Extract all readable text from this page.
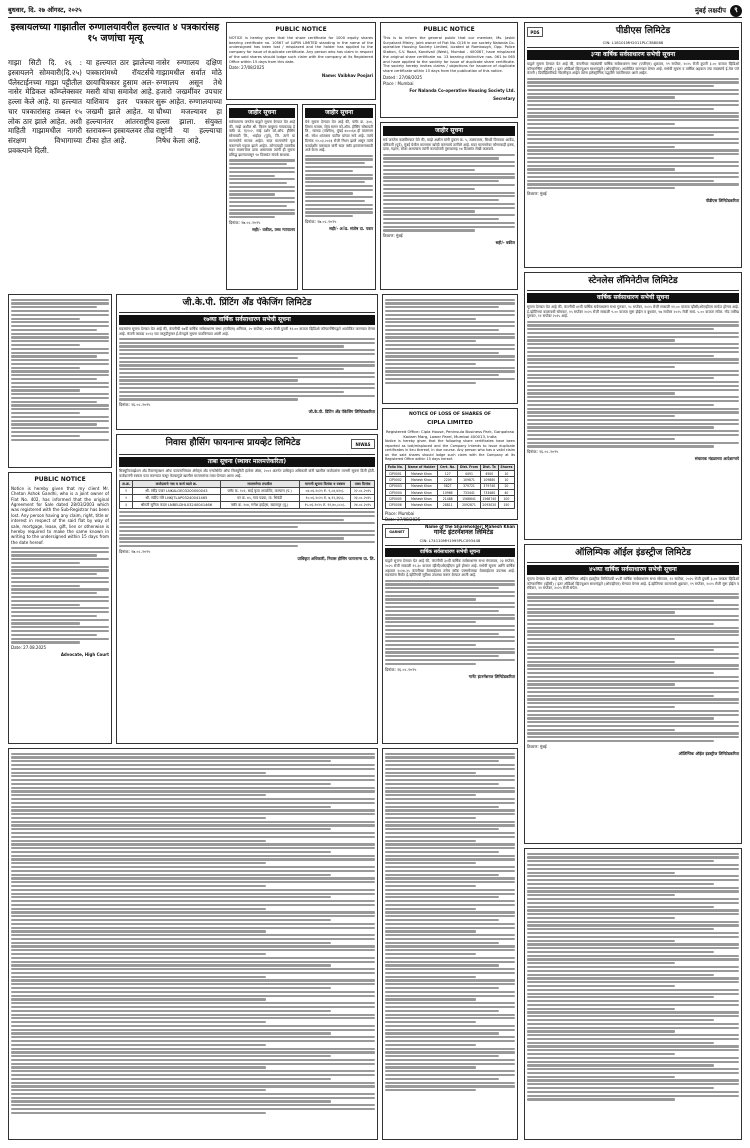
बुधवार, दि. २७ ऑगस्ट, २०२५	मुंबई लक्षदीप ९
इस्त्रायलच्या गाझातील रुग्णालयावरील हल्ल्यात ४ पत्रकारांसह १५ जणांचा मृत्यू

गाझा सिटी दि. २६ : इस्त्रायलने सोमवारी(दि.२५) पॅलेस्टाईनच्या गाझा पट्टीतील नासेर मेडिकल कॉम्प्लेक्सवर हल्ला केले आहे. या हल्ल्यात चार पत्रकारांसह तब्बल १५ लोक ठार झाले आहेत. अशी माहिती गाझामधील नागरी संरक्षण विभागाच्या प्रवक्त्याने दिली.

या हल्ल्यात ठार झालेल्या पत्रकारांमध्ये रॉयटर्सचे छायाचित्रकार हुसाम अल-मसरी यांचा समावेश आहे. याशिवाय इतर पत्रकार जखमी झाले आहेत. या हल्ल्यानंतर आंतरराष्ट्रीय स्तरावरून इस्त्रायलवर तीव्र टीका होत आहे.

नासेर रुग्णालय दक्षिण गाझामधील सर्वात मोठे रुग्णालय असून तेथे हजारो जखमींवर उपचार सुरू आहेत. रुग्णालयाच्या चौथ्या मजल्यावर हा हल्ला झाला. संयुक्त राष्ट्रांनी या हल्ल्याचा निषेध केला आहे.

PUBLIC NOTICE

NOTICE is hereby given that the share certificate for 1000 equity shares bearing certificate no. 10567 of LUPIN LIMITED standing in the name of the undersigned has been lost / misplaced and the holder has applied to the company for issue of duplicate certificate. Any person who has claim in respect of the said shares should lodge such claim with the company at its Registered Office within 15 days from this date.

Date: 27/08/2025
Name: Vaibhav Poojari
जाहीर सूचना

सर्वसामान्य जनतेस याद्वारे सूचना देण्यात येत आहे की, माझे अशील श्री. किरण बाबुराव गायकवाड हे फ्लॅट क्र. ए/१०२, साई दर्शन को-ऑप. हौसिंग सोसायटी लि., भाईंदर (पूर्व), जि. ठाणे या मालमत्तेचे मालक आहेत. सदर मालमत्तेचे मूळ करारनामे गहाळ झाले आहेत. कोणत्याही व्यक्तीस सदर मालमत्तेवर दावा असल्यास त्यांनी ही सूचना प्रसिद्ध झाल्यापासून १४ दिवसांत संपर्क साधावा.

दिनांक: २७.०८.२०२५
सही/- वकील, उच्च न्यायालय
जाहीर सूचना

येथे सूचना देण्यात येत आहे की, फ्लॅट क्र. ३०४, तिसरा मजला, शिव सागर को-ऑप. हौसिंग सोसायटी लि., मालाड (पश्चिम), मुंबई ४०००६४ ही मालमत्ता श्री. रमेश शांताराम पाटील यांच्या नावे आहे. त्यांचे दिनांक १२.०३.२०२३ रोजी निधन झाले असून त्यांचे कायदेशीर वारसदार यांनी सदर फ्लॅट हस्तांतरणासाठी अर्ज केला आहे.

दिनांक: २७.०८.२०२५
सही/- अॅड. संतोष दा. पवार
PUBLIC NOTICE

This is to inform the general public that our member, Ms. Jasbir Suryakant Mistry, joint owner of Flat No. G/16 in our society Nalanda Co-operative Housing Society Limited, located at Rambaugh, Opp. Police Station, S.V. Road, Kandivali (West), Mumbai - 400067, have misplaced the original share certificate no. 13 bearing distinctive nos. 061 to 065 and have applied to the society for issue of duplicate share certificate. The society hereby invites claims / objections for issuance of duplicate share certificate within 15 days from the publication of this notice.

Dated : 27/08/2025
Place : Mumbai
For Nalanda Co-operative Housing Society Ltd.
Secretary
जाहीर सूचना

सर्व जनतेस कळविण्यात येते की, माझे अशील यांनी दुकान क्र. ५, तळमजला, सिध्दी विनायक आर्केड, बोरिवली (पूर्व), मुंबई येथील मालमत्ता खरेदी करण्याचे ठरविले आहे. सदर मालमत्तेवर कोणाचाही हक्क, दावा, गहाण, बोजा असल्यास त्यांनी कागदोपत्री पुराव्यासह १४ दिवसांत लेखी कळवावे.

ठिकाण: मुंबई
सही/- वकील
PDS	पीडीएस लिमिटेड
CIN: L18101MH2011PLC388088
३ऱ्या वार्षिक सर्वसाधारण सभेची सूचना

याद्वारे सूचना देण्यात येत आहे की, कंपनीच्या सदस्यांची वार्षिक सर्वसाधारण सभा (एजीएम) शुक्रवार, १९ सप्टेंबर, २०२५ रोजी दुपारी ३.०० वाजता व्हिडिओ कॉन्फरन्सिंग (व्हीसी) / इतर ऑडिओ व्हिज्युअल साधनांद्वारे (ओएव्हीएम) आयोजित करण्यात येणार आहे. सभेची सूचना व वार्षिक अहवाल ज्या सदस्यांचे ई-मेल पत्ते कंपनी / डिपॉझिटरीकडे नोंदणीकृत आहेत त्यांना इलेक्ट्रॉनिक पद्धतीने पाठविण्यात आले आहेत.

ठिकाण: मुंबई
पीडीएस लिमिटेडकरिता
स्टेनलेस लॅमिनेटीज लिमिटेड
वार्षिक सर्वसाधारण सभेची सूचना

सूचना देण्यात येत आहे की, कंपनीची ४१वी वार्षिक सर्वसाधारण सभा गुरुवार, १८ सप्टेंबर, २०२५ रोजी सकाळी ११.०० वाजता व्हीसी/ओएव्हीएम मार्फत होणार आहे. ई-व्होटिंगचा कालावधी सोमवार, १५ सप्टेंबर २०२५ रोजी सकाळी ९.०० वाजता सुरू होईल व बुधवार, १७ सप्टेंबर २०२५ रोजी सायं. ५.०० वाजता संपेल. नोंद तारीख गुरुवार, ११ सप्टेंबर २०२५ आहे.

दिनांक: २६.०८.२०२५
संचालक मंडळाच्या आदेशान्वये
जी.के.पी. प्रिंटिंग अँड पॅकेजिंग लिमिटेड
१७व्या वार्षिक सर्वसाधारण सभेची सूचना

सदस्यांना सूचना देण्यात येत आहे की, कंपनीची १७वी वार्षिक सर्वसाधारण सभा (एजीएम) शनिवार, २० सप्टेंबर, २०२५ रोजी दुपारी १२.०० वाजता व्हिडिओ कॉन्फरन्सिंगद्वारे आयोजित करण्यात येणार आहे. कंपनी कायदा २०१३ च्या तरतुदीनुसार ई-मेलद्वारे सूचना पाठविण्यात आली आहे.

दिनांक: २६.०८.२०२५
जी.के.पी. प्रिंटिंग अँड पॅकेजिंग लिमिटेडकरिता
NOTICE OF LOSS OF SHARES OF
CIPLA LIMITED
Registered Office: Cipla House, Peninsula Business Park, Ganpatrao Kadam Marg, Lower Parel, Mumbai 400013, India

Notice is hereby given that the following share certificates have been reported as lost/misplaced and the Company intends to issue duplicate certificates in lieu thereof, in due course. Any person who has a valid claim on the said shares should lodge such claim with the Company at its Registered Office within 15 days hereof.

Folio No.	Name of Holder	Cert. No.	Dist. From	Dist. To	Shares
CIP0001	Mahesh Khan	127	4491	4500	10
CIP0002	Mahesh Khan	2209	109871	109880	10
CIP0003	Mahesh Khan	5827	379721	379740	20
CIP0004	Mahesh Khan	10966	733441	733480	40
CIP0005	Mahesh Khan	21488	1568641	1568740	100
CIP0006	Mahesh Khan	28811	2092871	2093020	150
Place: Mumbai
Date: 27/08/2025
Name of the Shareholder: Mahesh Khan
निवास हौसिंग फायनान्स प्रायव्हेट लिमिटेड	NIWAS
ताबा सूचना (स्थावर मालमत्तेकरिता)

सिक्युरिटायझेशन अँड रिकन्स्ट्रक्शन ऑफ फायनान्शियल ॲसेट्स अँड एन्फोर्समेंट ऑफ सिक्युरिटी इंटरेस्ट ॲक्ट, २००२ अंतर्गत प्राधिकृत अधिकारी यांनी खालील कर्जदारांना मागणी सूचना दिली होती. कर्जदारांनी रक्कम परत करण्यात कसूर केल्यामुळे खालील मालमत्तांचा ताबा घेण्यात आला आहे.

अ.क्र.	कर्जदाराचे नाव व कर्ज खाते क्र.	मालमत्तेचा तपशील	मागणी सूचना दिनांक व रक्कम	ताबा दिनांक
१	श्री. रवींद्र पवार LNKALOE03200000043	फ्लॅट क्र. १०२, साई कृपा अपार्टमेंट, कल्याण (प.)	०४.०६.२०२५ रु. ९,८४,४२०/-	२२.०८.२०२५
२	श्री. संदीप मोरे LNKJTLAP03240041465	घर क्र. ४५, गाव पडघा, ता. भिवंडी	१०.०६.२०२५ रु. ७,१२,३६५/-	२३.०८.२०२५
३	श्रीमती सुनिता कदम LNBELDHL03240041466	फ्लॅट क्र. २०४, गणेश हाईट्स, बदलापूर (पू.)	१५.०६.२०२५ रु. ११,४०,८८०/-	२४.०८.२०२५
दिनांक: २७.०८.२०२५
प्राधिकृत अधिकारी, निवास हौसिंग फायनान्स प्रा. लि.
PUBLIC NOTICE

Notice is hereby given that my client Mr. Chetan Ashok Gandhi, who is a joint owner of Flat No. 402, has informed that the original Agreement for Sale dated 28/03/2003 which was registered with the Sub-Registrar has been lost. Any person having any claim, right, title or interest in respect of the said flat by way of sale, mortgage, lease, gift, lien or otherwise is hereby required to make the same known in writing to the undersigned within 15 days from the date hereof.

Date: 27.08.2025
Advocate, High Court
GARNET	गार्नेट इंटरनॅशनल लिमिटेड
CIN: L74110MH1995PLC093448
वार्षिक सर्वसाधारण सभेची सूचना

याद्वारे सूचना देण्यात येत आहे की, कंपनीची ३०वी वार्षिक सर्वसाधारण सभा मंगळवार, २३ सप्टेंबर, २०२५ रोजी सकाळी ११.३० वाजता व्हीसी/ओएव्हीएम द्वारे होणार आहे. सभेची सूचना आणि वार्षिक अहवाल २०२४-२५ कंपनीच्या वेबसाईटवर तसेच स्टॉक एक्सचेंजच्या वेबसाईटवर उपलब्ध आहे. सदस्यांना रिमोट ई-व्होटिंगची सुविधा उपलब्ध करून देण्यात आली आहे.

दिनांक: २६.०८.२०२५
गार्नेट इंटरनॅशनल लिमिटेडकरिता
ऑलिम्पिक ऑईल इंडस्ट्रीज लिमिटेड
४५व्या वार्षिक सर्वसाधारण सभेची सूचना

सूचना देण्यात येत आहे की, ऑलिम्पिक ऑईल इंडस्ट्रीज लिमिटेडची ४५वी वार्षिक सर्वसाधारण सभा सोमवार, २२ सप्टेंबर, २०२५ रोजी दुपारी ३.०० वाजता व्हिडिओ कॉन्फरन्सिंग (व्हीसी) / इतर ऑडिओ व्हिज्युअल साधनांद्वारे (ओएव्हीएम) घेण्यात येणार आहे. ई-व्होटिंगचा कालावधी शुक्रवार, १९ सप्टेंबर, २०२५ रोजी सुरू होईल व रविवार, २१ सप्टेंबर, २०२५ रोजी संपेल.

ठिकाण: मुंबई
ऑलिम्पिक ऑईल इंडस्ट्रीज लिमिटेडकरिता
